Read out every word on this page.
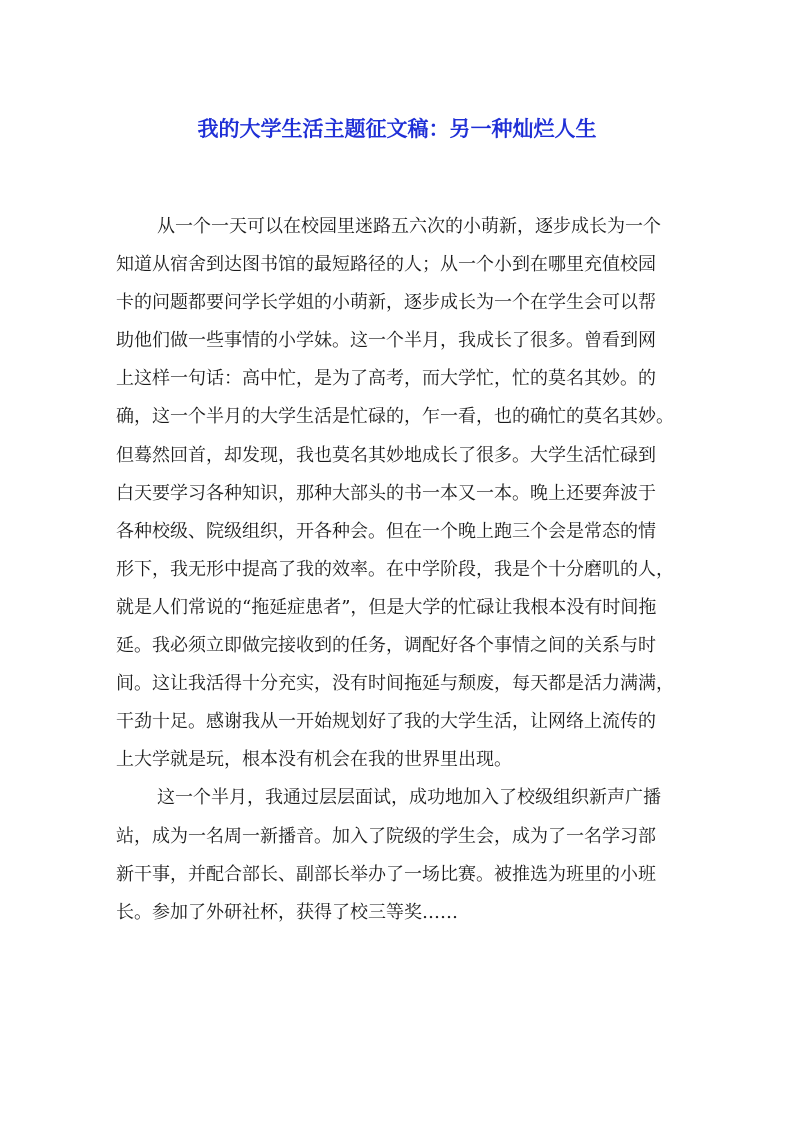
我的大学生活主题征文稿：另一种灿烂人生
从一个一天可以在校园里迷路五六次的小萌新，逐步成长为一个
知道从宿舍到达图书馆的最短路径的人；从一个小到在哪里充值校园
卡的问题都要问学长学姐的小萌新，逐步成长为一个在学生会可以帮
助他们做一些事情的小学妹。这一个半月，我成长了很多。曾看到网
上这样一句话：高中忙，是为了高考，而大学忙，忙的莫名其妙。的
确，这一个半月的大学生活是忙碌的，乍一看，也的确忙的莫名其妙。
但蓦然回首，却发现，我也莫名其妙地成长了很多。大学生活忙碌到
白天要学习各种知识，那种大部头的书一本又一本。晚上还要奔波于
各种校级、院级组织，开各种会。但在一个晚上跑三个会是常态的情
形下，我无形中提高了我的效率。在中学阶段，我是个十分磨叽的人，
就是人们常说的“拖延症患者”，但是大学的忙碌让我根本没有时间拖
延。我必须立即做完接收到的任务，调配好各个事情之间的关系与时
间。这让我活得十分充实，没有时间拖延与颓废，每天都是活力满满，
干劲十足。感谢我从一开始规划好了我的大学生活，让网络上流传的
上大学就是玩，根本没有机会在我的世界里出现。
这一个半月，我通过层层面试，成功地加入了校级组织新声广播
站，成为一名周一新播音。加入了院级的学生会，成为了一名学习部
新干事，并配合部长、副部长举办了一场比赛。被推选为班里的小班
长。参加了外研社杯，获得了校三等奖……
